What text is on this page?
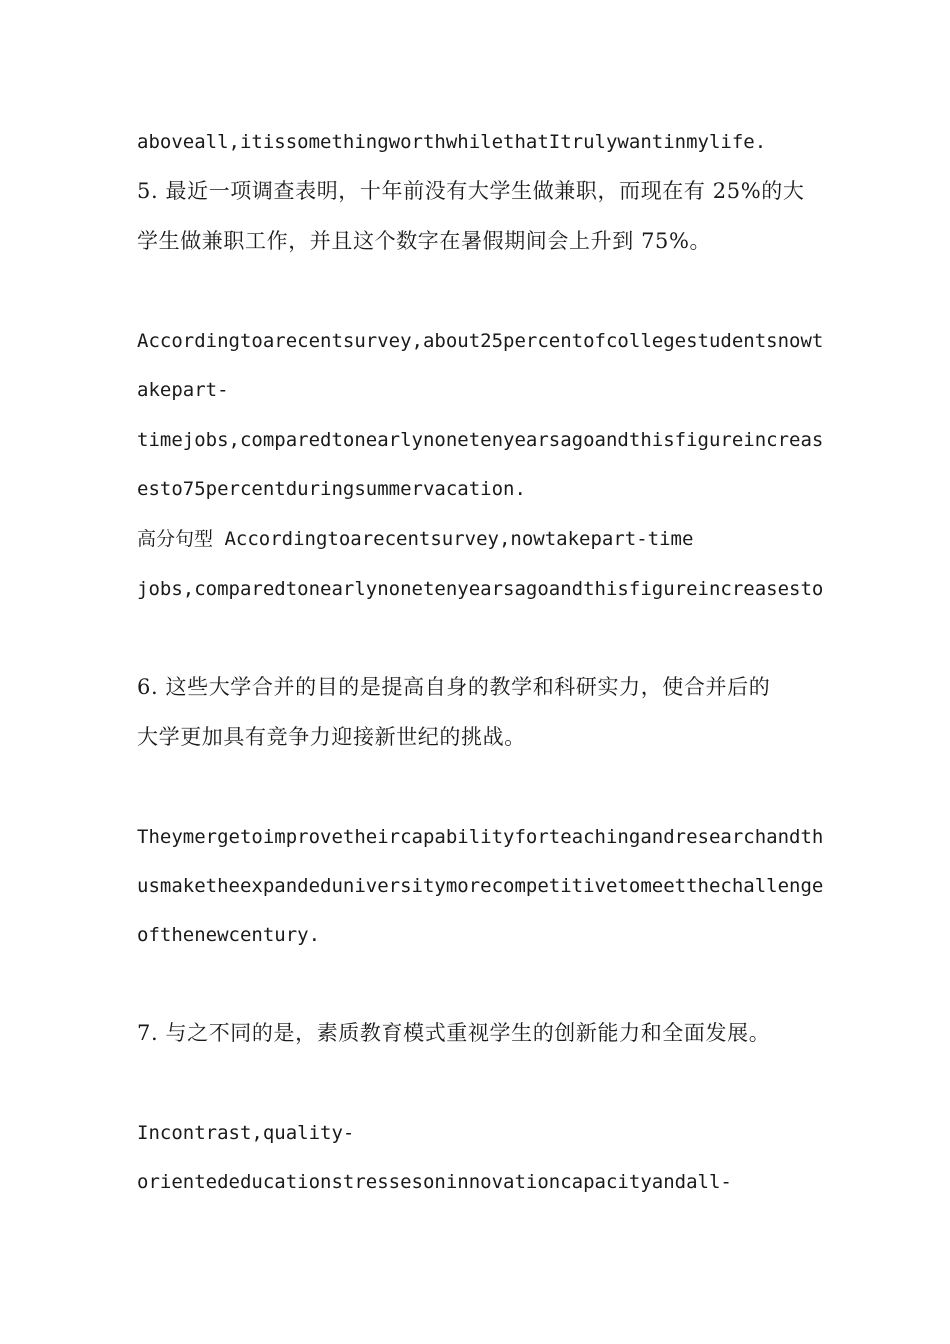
aboveall,itissomethingworthwhilethatItrulywantinmylife.

5. 最近一项调查表明，十年前没有大学生做兼职，而现在有 25%的大

学生做兼职工作，并且这个数字在暑假期间会上升到 75%。

Accordingtoarecentsurvey,about25percentofcollegestudentsnowt

akepart-

timejobs,comparedtonearlynonetenyearsagoandthisfigureincreas

esto75percentduringsummervacation.

高分句型 Accordingtoarecentsurvey,nowtakepart-time

jobs,comparedtonearlynonetenyearsagoandthisfigureincreasesto

6. 这些大学合并的目的是提高自身的教学和科研实力，使合并后的

大学更加具有竞争力迎接新世纪的挑战。

Theymergetoimprovetheircapabilityforteachingandresearchandth

usmaketheexpandeduniversitymorecompetitivetomeetthechallenge

ofthenewcentury.

7. 与之不同的是，素质教育模式重视学生的创新能力和全面发展。

Incontrast,quality-

orientededucationstressesoninnovationcapacityandall-
